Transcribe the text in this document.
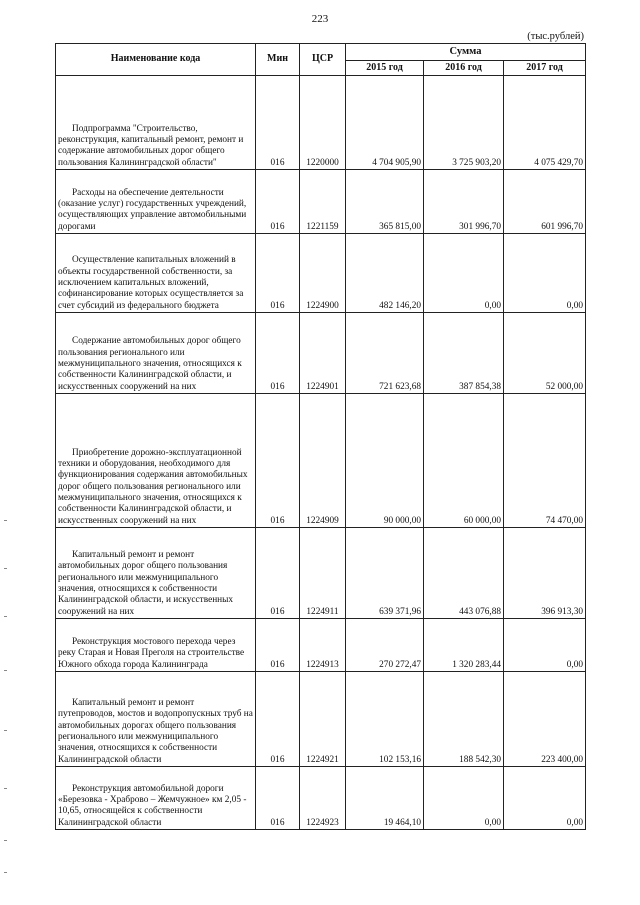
223
(тыс.рублей)
Наименование кода	Мин	ЦСР	Сумма		
			2015 год	2016 год	2017 год
Подпрограмма "Строительство, реконструкция, капитальный ремонт, ремонт и содержание автомобильных дорог общего пользования Калининградской области"	016	1220000	4 704 905,90	3 725 903,20	4 075 429,70
Расходы на обеспечение деятельности (оказание услуг) государственных учреждений, осуществляющих управление автомобильными дорогами	016	1221159	365 815,00	301 996,70	601 996,70
Осуществление капитальных вложений в объекты государственной собственности, за исключением капитальных вложений, софинансирование которых осуществляется за счет субсидий из федерального бюджета	016	1224900	482 146,20	0,00	0,00
Содержание автомобильных дорог общего пользования регионального или межмуниципального значения, относящихся к собственности Калининградской области, и искусственных сооружений на них	016	1224901	721 623,68	387 854,38	52 000,00
Приобретение дорожно-эксплуатационной техники и оборудования, необходимого для функционирования содержания автомобильных дорог общего пользования регионального или межмуниципального значения, относящихся к собственности Калининградской области, и искусственных сооружений на них	016	1224909	90 000,00	60 000,00	74 470,00
Капитальный ремонт и ремонт автомобильных дорог общего пользования регионального или межмуниципального значения, относящихся к собственности Калининградской области, и искусственных сооружений на них	016	1224911	639 371,96	443 076,88	396 913,30
Реконструкция мостового перехода через реку Старая и Новая Преголя на строительстве Южного обхода города Калининграда	016	1224913	270 272,47	1 320 283,44	0,00
Капитальный ремонт и ремонт путепроводов, мостов и водопропускных труб на автомобильных дорогах общего пользования регионального или межмуниципального значения, относящихся к собственности Калининградской области	016	1224921	102 153,16	188 542,30	223 400,00
Реконструкция автомобильной дороги «Березовка - Храброво – Жемчужное» км 2,05 - 10,65, относящейся к собственности Калининградской области	016	1224923	19 464,10	0,00	0,00
